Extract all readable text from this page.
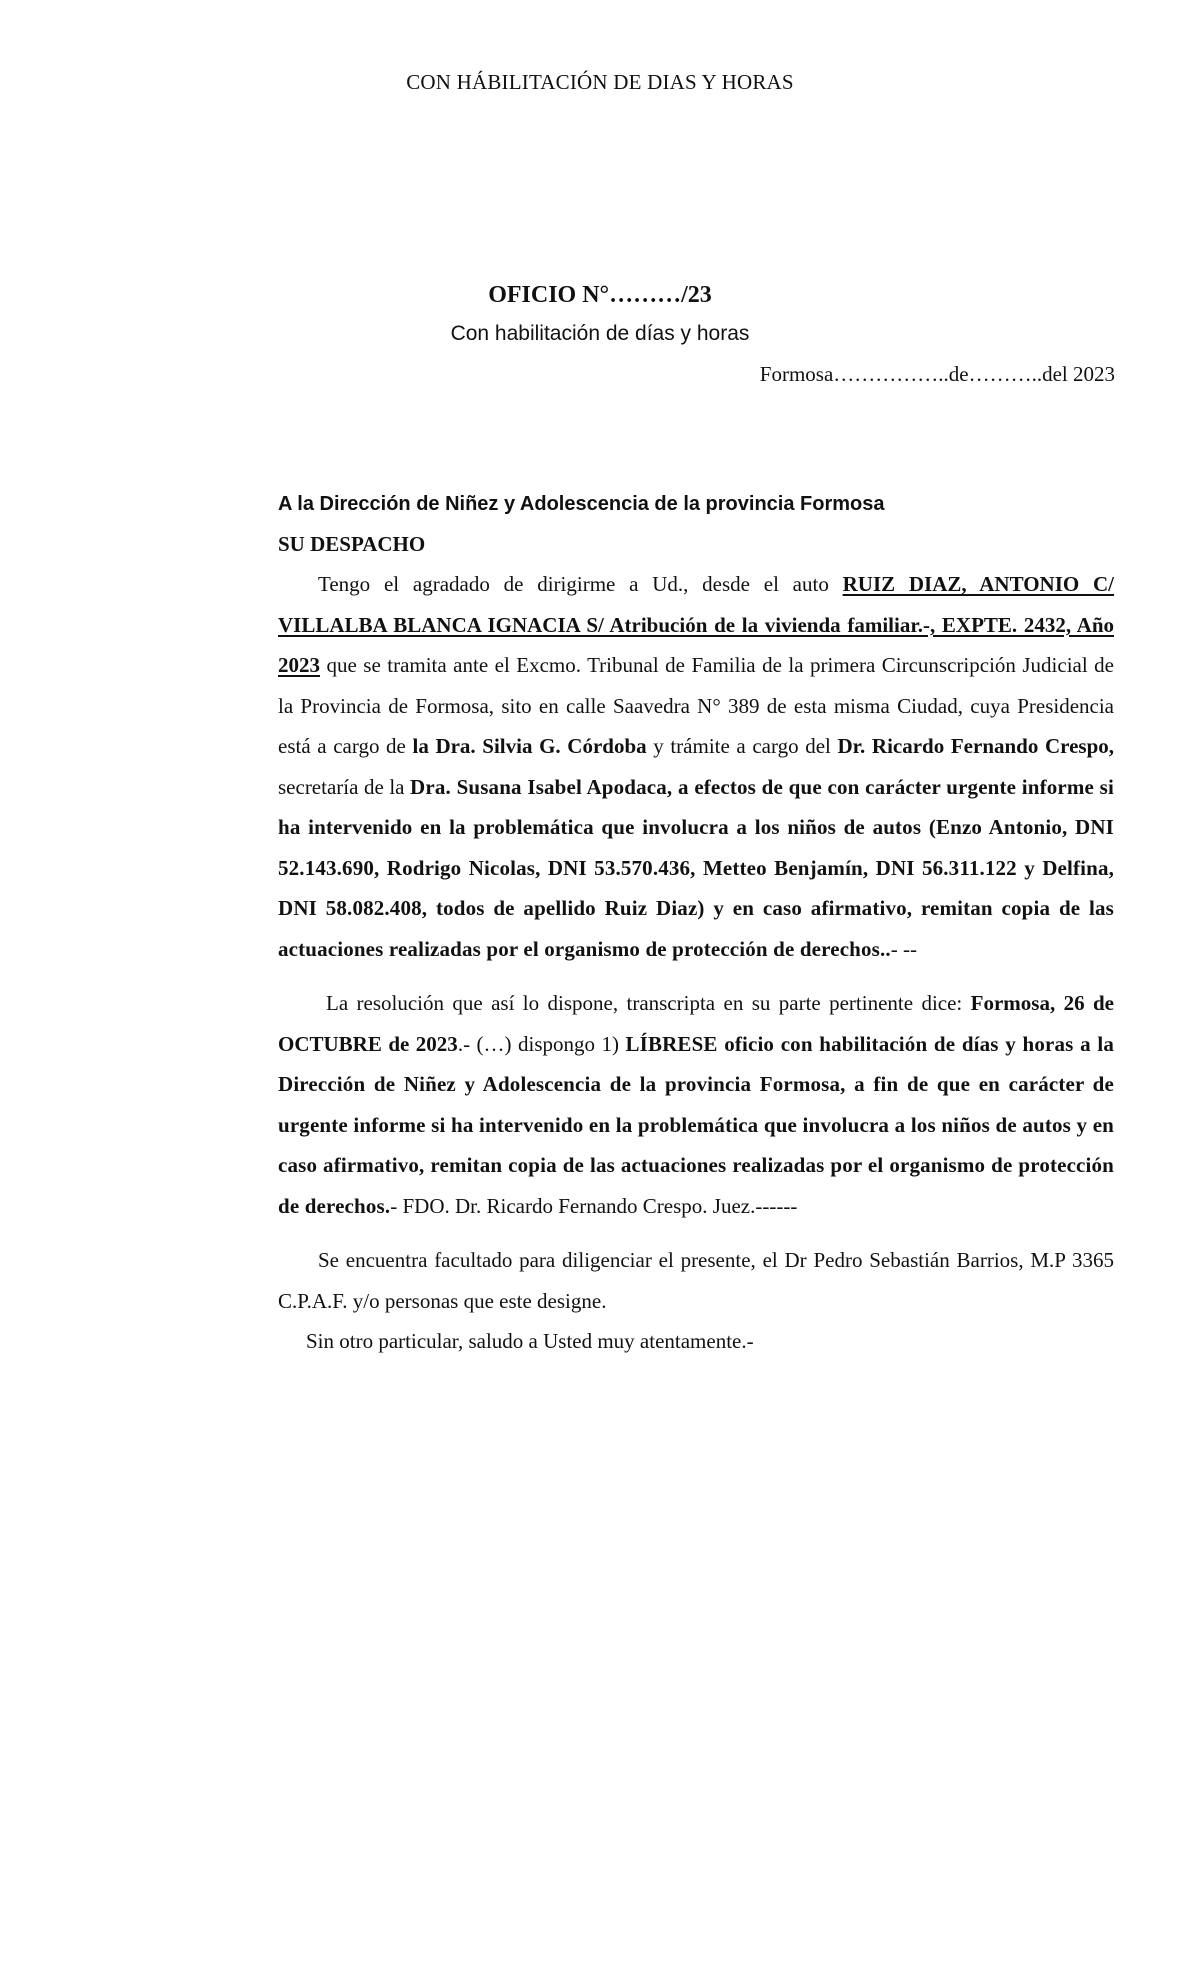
CON HÁBILITACIÓN DE DIAS Y HORAS
OFICIO N°………/23
Con habilitación de días y horas
Formosa……………..de………..del 2023
A la Dirección de Niñez y Adolescencia de la provincia Formosa
SU DESPACHO

Tengo el agradado de dirigirme a Ud., desde el auto RUIZ DIAZ, ANTONIO C/ VILLALBA BLANCA IGNACIA S/ Atribución de la vivienda familiar.-, EXPTE. 2432, Año 2023 que se tramita ante el Excmo. Tribunal de Familia de la primera Circunscripción Judicial de la Provincia de Formosa, sito en calle Saavedra N° 389 de esta misma Ciudad, cuya Presidencia está a cargo de la Dra. Silvia G. Córdoba y trámite a cargo del Dr. Ricardo Fernando Crespo, secretaría de la Dra. Susana Isabel Apodaca, a efectos de que con carácter urgente informe si ha intervenido en la problemática que involucra a los niños de autos (Enzo Antonio, DNI 52.143.690, Rodrigo Nicolas, DNI 53.570.436, Metteo Benjamín, DNI 56.311.122 y Delfina, DNI 58.082.408, todos de apellido Ruiz Diaz) y en caso afirmativo, remitan copia de las actuaciones realizadas por el organismo de protección de derechos..- --

La resolución que así lo dispone, transcripta en su parte pertinente dice: Formosa, 26 de OCTUBRE de 2023.- (…) dispongo 1) LÍBRESE oficio con habilitación de días y horas a la Dirección de Niñez y Adolescencia de la provincia Formosa, a fin de que en carácter de urgente informe si ha intervenido en la problemática que involucra a los niños de autos y en caso afirmativo, remitan copia de las actuaciones realizadas por el organismo de protección de derechos.- FDO. Dr. Ricardo Fernando Crespo. Juez.------

Se encuentra facultado para diligenciar el presente, el Dr Pedro Sebastián Barrios, M.P 3365 C.P.A.F. y/o personas que este designe.

Sin otro particular, saludo a Usted muy atentamente.-
